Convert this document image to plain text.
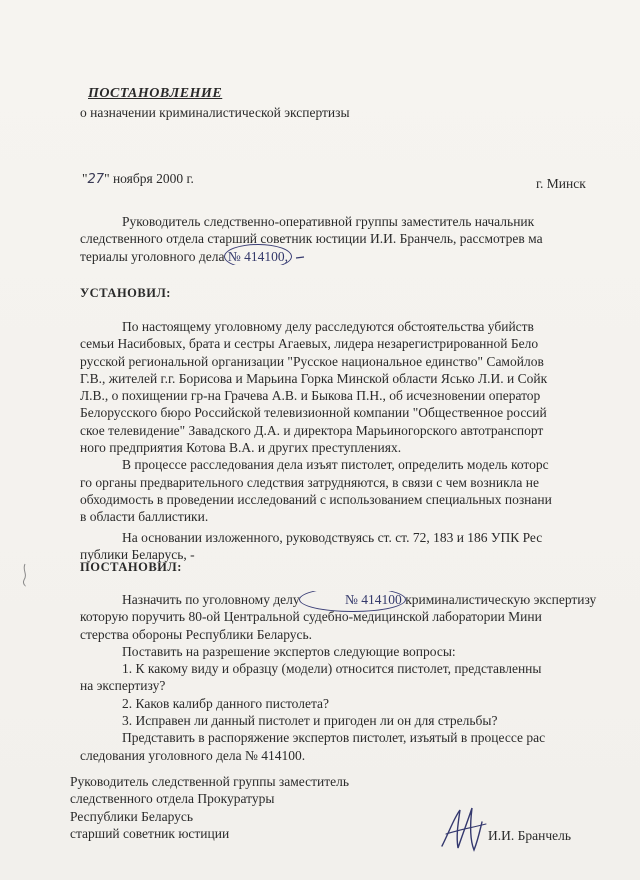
ПОСТАНОВЛЕНИЕ
о назначении криминалистической экспертизы
"27" ноября 2000 г.	г. Минск
Руководитель следственно-оперативной группы заместитель начальник
следственного отдела старший советник юстиции И.И. Бранчель, рассмотрев ма
териалы уголовного дела № 414100,
УСТАНОВИЛ:
По настоящему уголовному делу расследуются обстоятельства убийств
семьи Насибовых, брата и сестры Агаевых, лидера незарегистрированной Бело
русской региональной организации "Русское национальное единство" Самойлов
Г.В., жителей г.г. Борисова и Марьина Горка Минской области Ясько Л.И. и Сойк
Л.В., о похищении гр-на Грачева А.В. и Быкова П.Н., об исчезновении оператор
Белорусского бюро Российской телевизионной компании "Общественное россий
ское телевидение" Завадского Д.А. и директора Марьиногорского автотранспорт
ного предприятия Котова В.А. и других преступлениях.
В процессе расследования дела изъят пистолет, определить модель которс
го органы предварительного следствия затрудняются, в связи с чем возникла не
обходимость в проведении исследований с использованием специальных познани
в области баллистики.
На основании изложенного, руководствуясь ст. ст. 72, 183 и 186 УПК Рес
публики Беларусь, -
ПОСТАНОВИЛ:
Назначить по уголовному делу	№ 414100 криминалистическую экспертизу
которую поручить 80-ой Центральной судебно-медицинской лаборатории Мини
стерства обороны Республики Беларусь.
Поставить на разрешение экспертов следующие вопросы:
1. К какому виду и образцу (модели) относится пистолет, представленны
на экспертизу?
2. Каков калибр данного пистолета?
3. Исправен ли данный пистолет и пригоден ли он для стрельбы?
Представить в распоряжение экспертов пистолет, изъятый в процессе рас
следования уголовного дела № 414100.
Руководитель следственной группы заместитель
следственного отдела Прокуратуры
Республики Беларусь
старший советник юстиции	И.И. Бранчель
